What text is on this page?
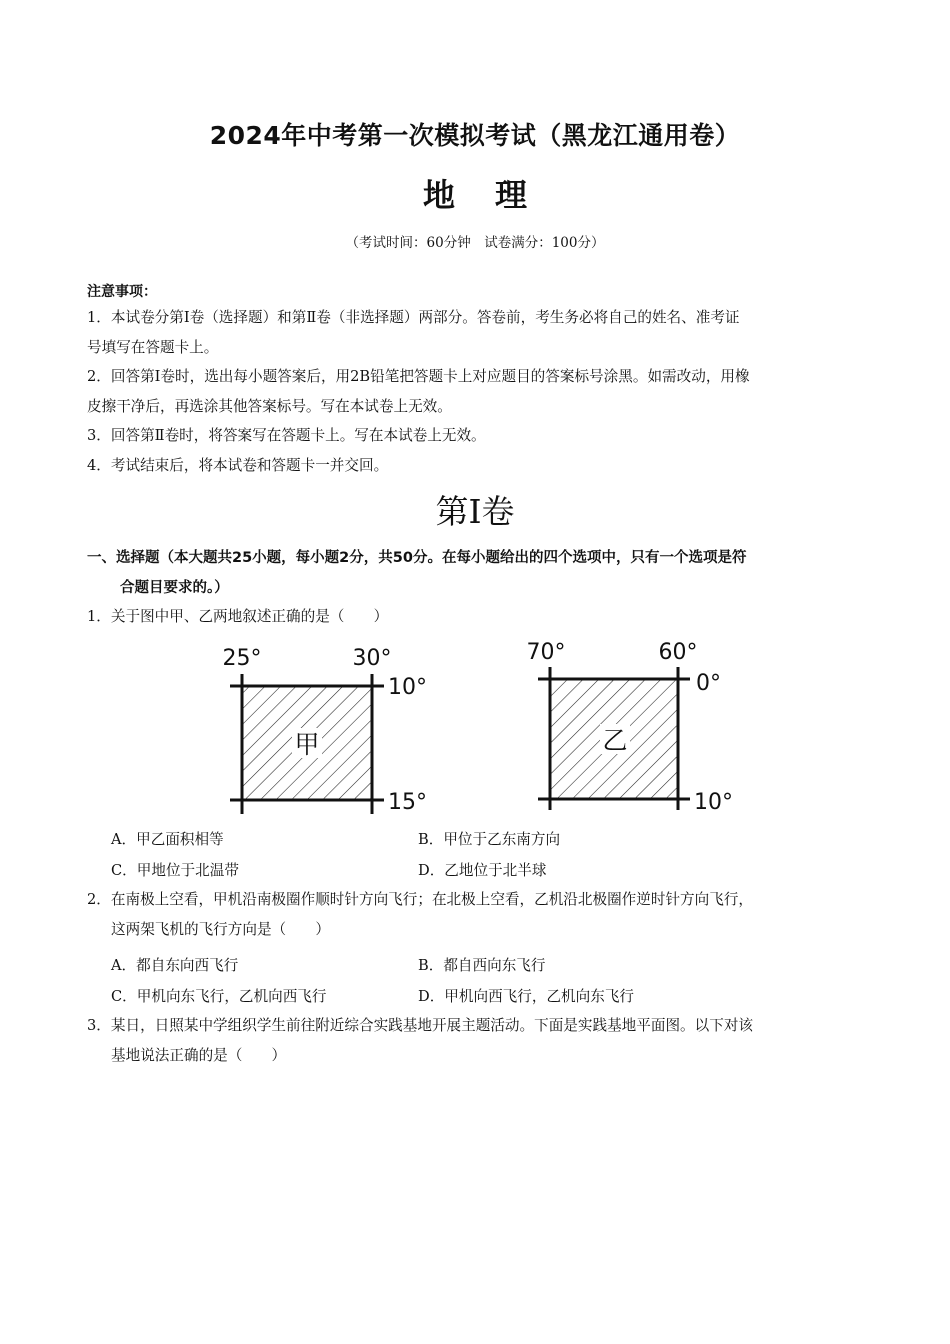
2024年中考第一次模拟考试（黑龙江通用卷）
地 理
（考试时间：60分钟　试卷满分：100分）
注意事项：
1．本试卷分第Ⅰ卷（选择题）和第Ⅱ卷（非选择题）两部分。答卷前，考生务必将自己的姓名、准考证
号填写在答题卡上。
2．回答第Ⅰ卷时，选出每小题答案后，用2B铅笔把答题卡上对应题目的答案标号涂黑。如需改动，用橡
皮擦干净后，再选涂其他答案标号。写在本试卷上无效。
3．回答第Ⅱ卷时，将答案写在答题卡上。写在本试卷上无效。
4．考试结束后，将本试卷和答题卡一并交回。
第Ⅰ卷
一、选择题（本大题共25小题，每小题2分，共50分。在每小题给出的四个选项中，只有一个选项是符
合题目要求的。）
1．关于图中甲、乙两地叙述正确的是（　　）
甲
25°	30°
10°
15°
乙
70°	60°
0°
10°
A．甲乙面积相等	B．甲位于乙东南方向
C．甲地位于北温带	D．乙地位于北半球
2．在南极上空看，甲机沿南极圈作顺时针方向飞行；在北极上空看，乙机沿北极圈作逆时针方向飞行，
这两架飞机的飞行方向是（　　）
A．都自东向西飞行	B．都自西向东飞行
C．甲机向东飞行，乙机向西飞行	D．甲机向西飞行，乙机向东飞行
3．某日，日照某中学组织学生前往附近综合实践基地开展主题活动。下面是实践基地平面图。以下对该
基地说法正确的是（　　）
